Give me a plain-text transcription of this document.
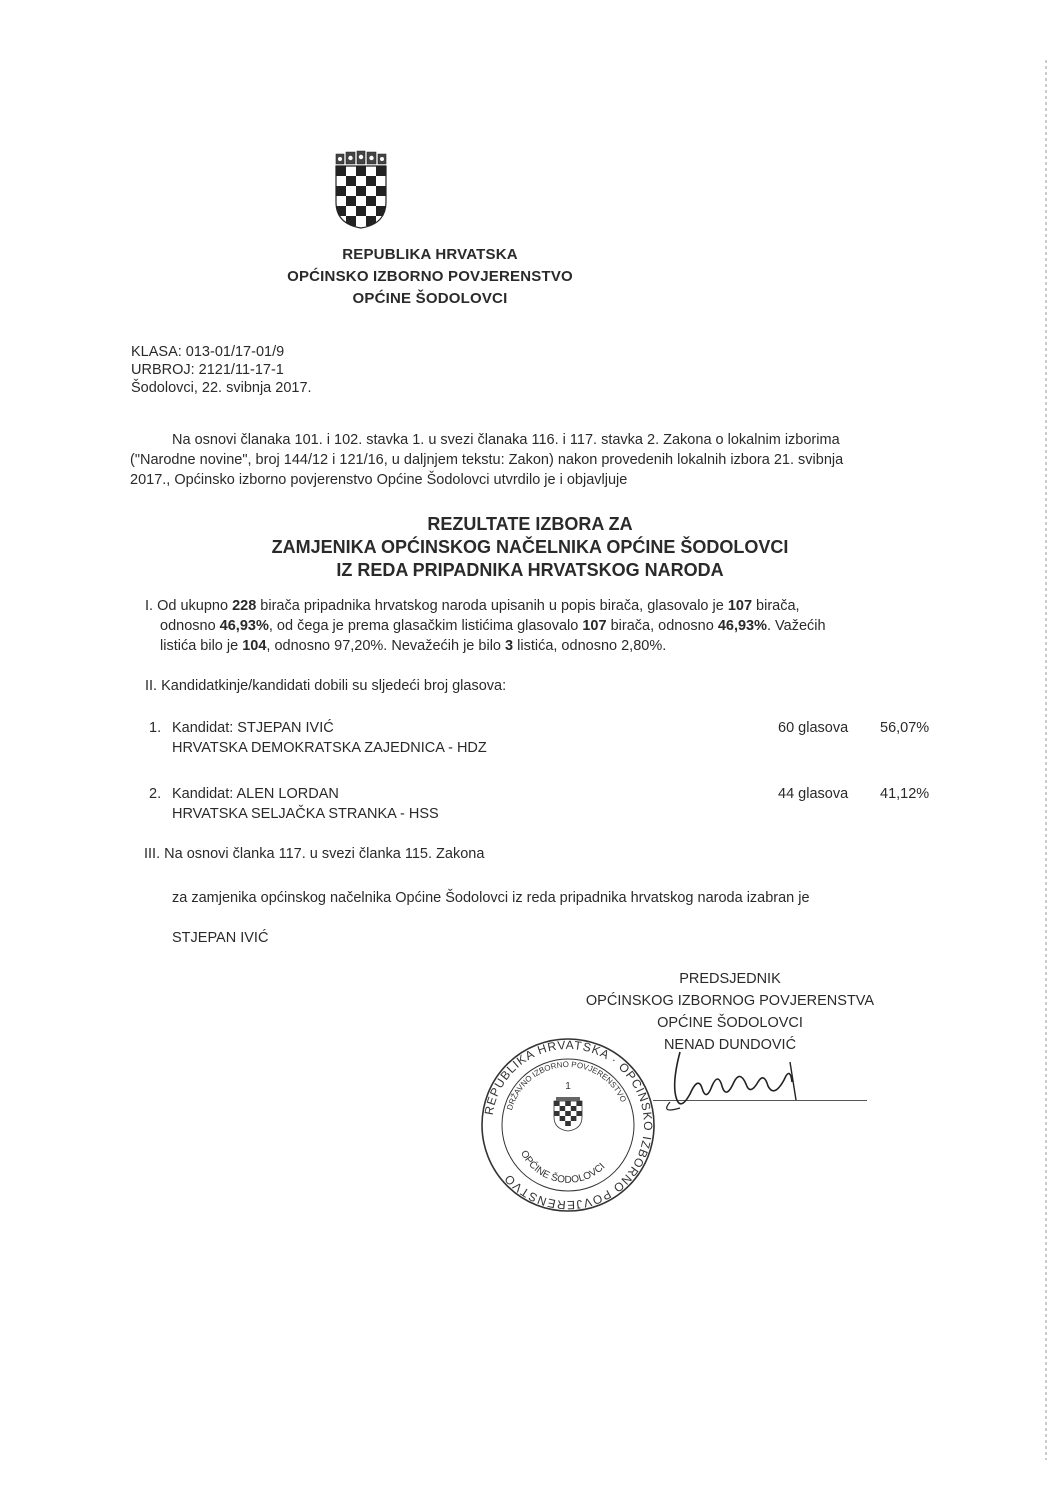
REPUBLIKA HRVATSKA
OPĆINSKO IZBORNO POVJERENSTVO
OPĆINE ŠODOLOVCI
KLASA: 013-01/17-01/9
URBROJ: 2121/11-17-1
Šodolovci, 22. svibnja 2017.
Na osnovi članaka 101. i 102. stavka 1. u svezi članaka 116. i 117. stavka 2. Zakona o lokalnim izborima
("Narodne novine", broj 144/12 i 121/16, u daljnjem tekstu: Zakon) nakon provedenih lokalnih izbora 21. svibnja
2017., Općinsko izborno povjerenstvo Općine Šodolovci utvrdilo je i objavljuje
REZULTATE IZBORA ZA
ZAMJENIKA OPĆINSKOG NAČELNIKA OPĆINE ŠODOLOVCI
IZ REDA PRIPADNIKA HRVATSKOG NARODA
I. Od ukupno 228 birača pripadnika hrvatskog naroda upisanih u popis birača, glasovalo je 107 birača,
odnosno 46,93%, od čega je prema glasačkim listićima glasovalo 107 birača, odnosno 46,93%. Važećih
listića bilo je 104, odnosno 97,20%. Nevažećih je bilo 3 listića, odnosno 2,80%.
II. Kandidatkinje/kandidati dobili su sljedeći broj glasova:
1. Kandidat: STJEPAN IVIĆ
HRVATSKA DEMOKRATSKA ZAJEDNICA - HDZ
60 glasova 56,07%
2. Kandidat: ALEN LORDAN
HRVATSKA SELJAČKA STRANKA - HSS
44 glasova 41,12%
III. Na osnovi članka 117. u svezi članka 115. Zakona
za zamjenika općinskog načelnika Općine Šodolovci iz reda pripadnika hrvatskog naroda izabran je
STJEPAN IVIĆ
PREDSJEDNIK
OPĆINSKOG IZBORNOG POVJERENSTVA
OPĆINE ŠODOLOVCI
NENAD DUNDOVIĆ
REPUBLIKA HRVATSKA · OPĆINSKO IZBORNO POVJERENSTVO
DRŽAVNO IZBORNO POVJERENSTVO
OPĆINE ŠODOLOVCI
1
